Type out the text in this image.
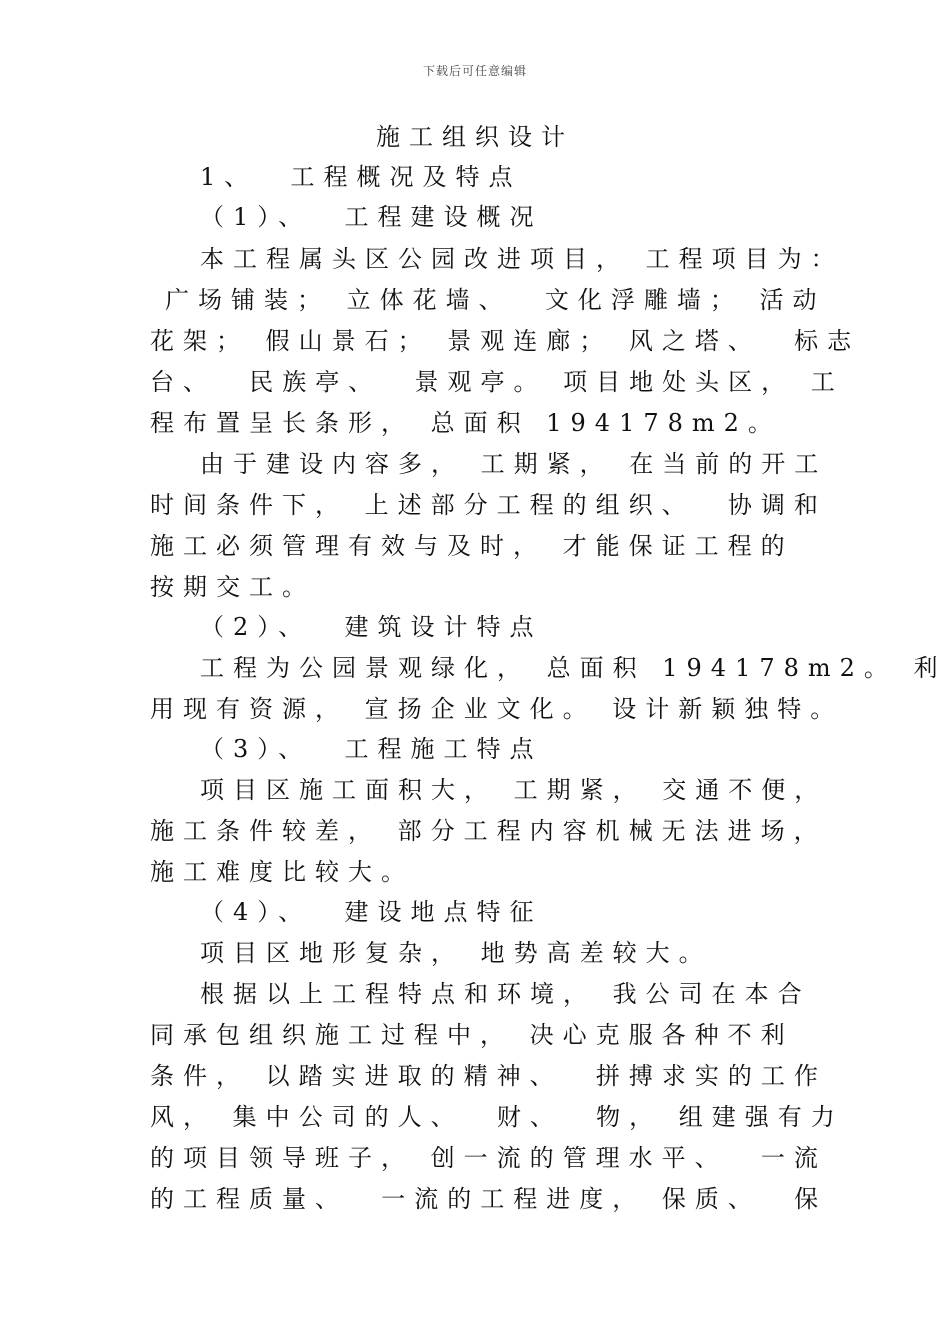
下载后可任意编辑
施工组织设计
1、  工程概况及特点
（1）、  工程建设概况
本工程属头区公园改进项目， 工程项目为：
广场铺装； 立体花墙、  文化浮雕墙； 活动
花架； 假山景石； 景观连廊； 风之塔、  标志
台、  民族亭、  景观亭。 项目地处头区， 工
程布置呈长条形， 总面积 194178m2。
由于建设内容多， 工期紧， 在当前的开工
时间条件下， 上述部分工程的组织、  协调和
施工必须管理有效与及时， 才能保证工程的
按期交工。
（2）、  建筑设计特点
工程为公园景观绿化， 总面积 194178m2。 利
用现有资源， 宣扬企业文化。 设计新颖独特。
（3）、  工程施工特点
项目区施工面积大， 工期紧， 交通不便，
施工条件较差， 部分工程内容机械无法进场，
施工难度比较大。
（4）、  建设地点特征
项目区地形复杂， 地势高差较大。
根据以上工程特点和环境， 我公司在本合
同承包组织施工过程中， 决心克服各种不利
条件， 以踏实进取的精神、  拼搏求实的工作
风， 集中公司的人、  财、  物， 组建强有力
的项目领导班子， 创一流的管理水平、  一流
的工程质量、  一流的工程进度， 保质、  保
